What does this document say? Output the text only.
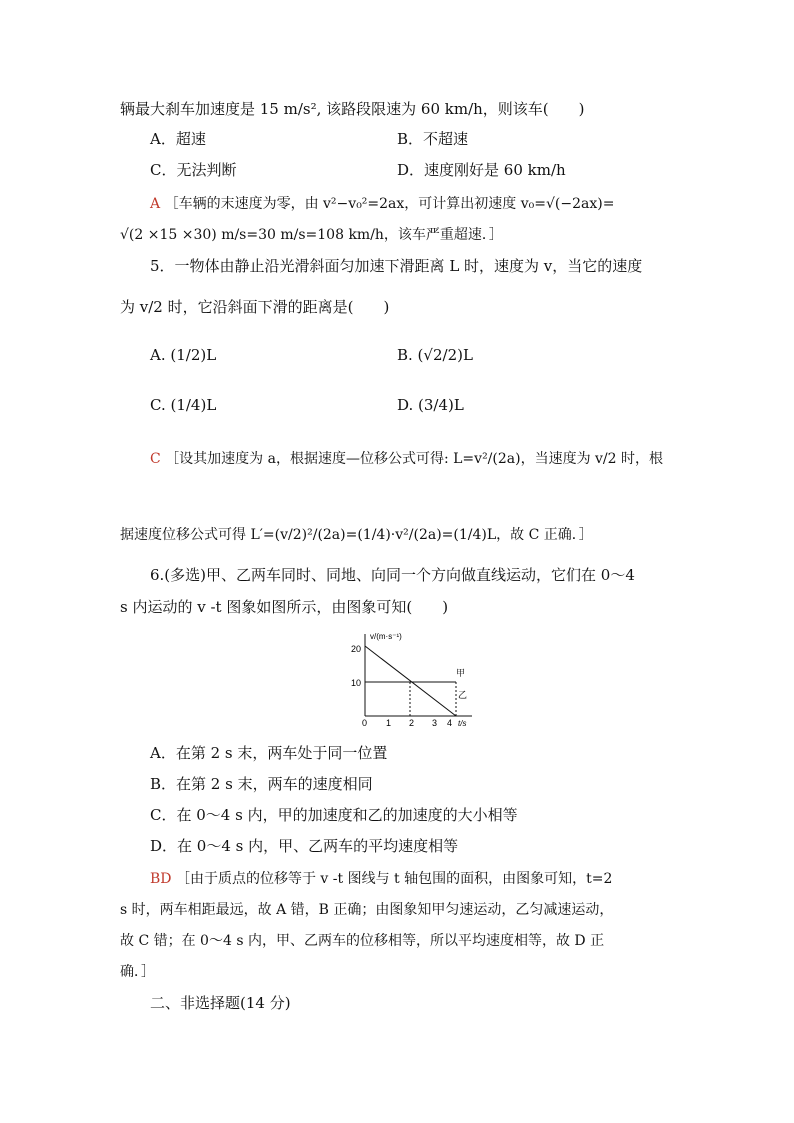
辆最大刹车加速度是 15 m/s², 该路段限速为 60 km/h，则该车(　　)
A．超速	B．不超速
C．无法判断	D．速度刚好是 60 km/h
A ［车辆的末速度为零，由 v²−v₀²=2ax，可计算出初速度 v₀=√(−2ax)=
√(2 ×15 ×30) m/s=30 m/s=108 km/h，该车严重超速．］
5．一物体由静止沿光滑斜面匀加速下滑距离 L 时，速度为 v，当它的速度
为 v/2 时，它沿斜面下滑的距离是(　　)
A. (1/2)L	B. (√2/2)L
C. (1/4)L	D. (3/4)L
C ［设其加速度为 a，根据速度—位移公式可得: L=v²/(2a)，当速度为 v/2 时，根
据速度位移公式可得 L′=(v/2)²/(2a)=(1/4)·v²/(2a)=(1/4)L，故 C 正确．］
6.(多选)甲、乙两车同时、同地、向同一个方向做直线运动，它们在 0～4
s 内运动的 v -t 图象如图所示，由图象可知(　　)
v/(m·s⁻¹)
t/s
20
10
0 1 2 3 4
甲
乙
A．在第 2 s 末，两车处于同一位置
B．在第 2 s 末，两车的速度相同
C．在 0～4 s 内，甲的加速度和乙的加速度的大小相等
D．在 0～4 s 内，甲、乙两车的平均速度相等
BD ［由于质点的位移等于 v -t 图线与 t 轴包围的面积，由图象可知，t=2
s 时，两车相距最远，故 A 错，B 正确；由图象知甲匀速运动，乙匀减速运动，
故 C 错；在 0～4 s 内，甲、乙两车的位移相等，所以平均速度相等，故 D 正
确．］
二、非选择题(14 分)
